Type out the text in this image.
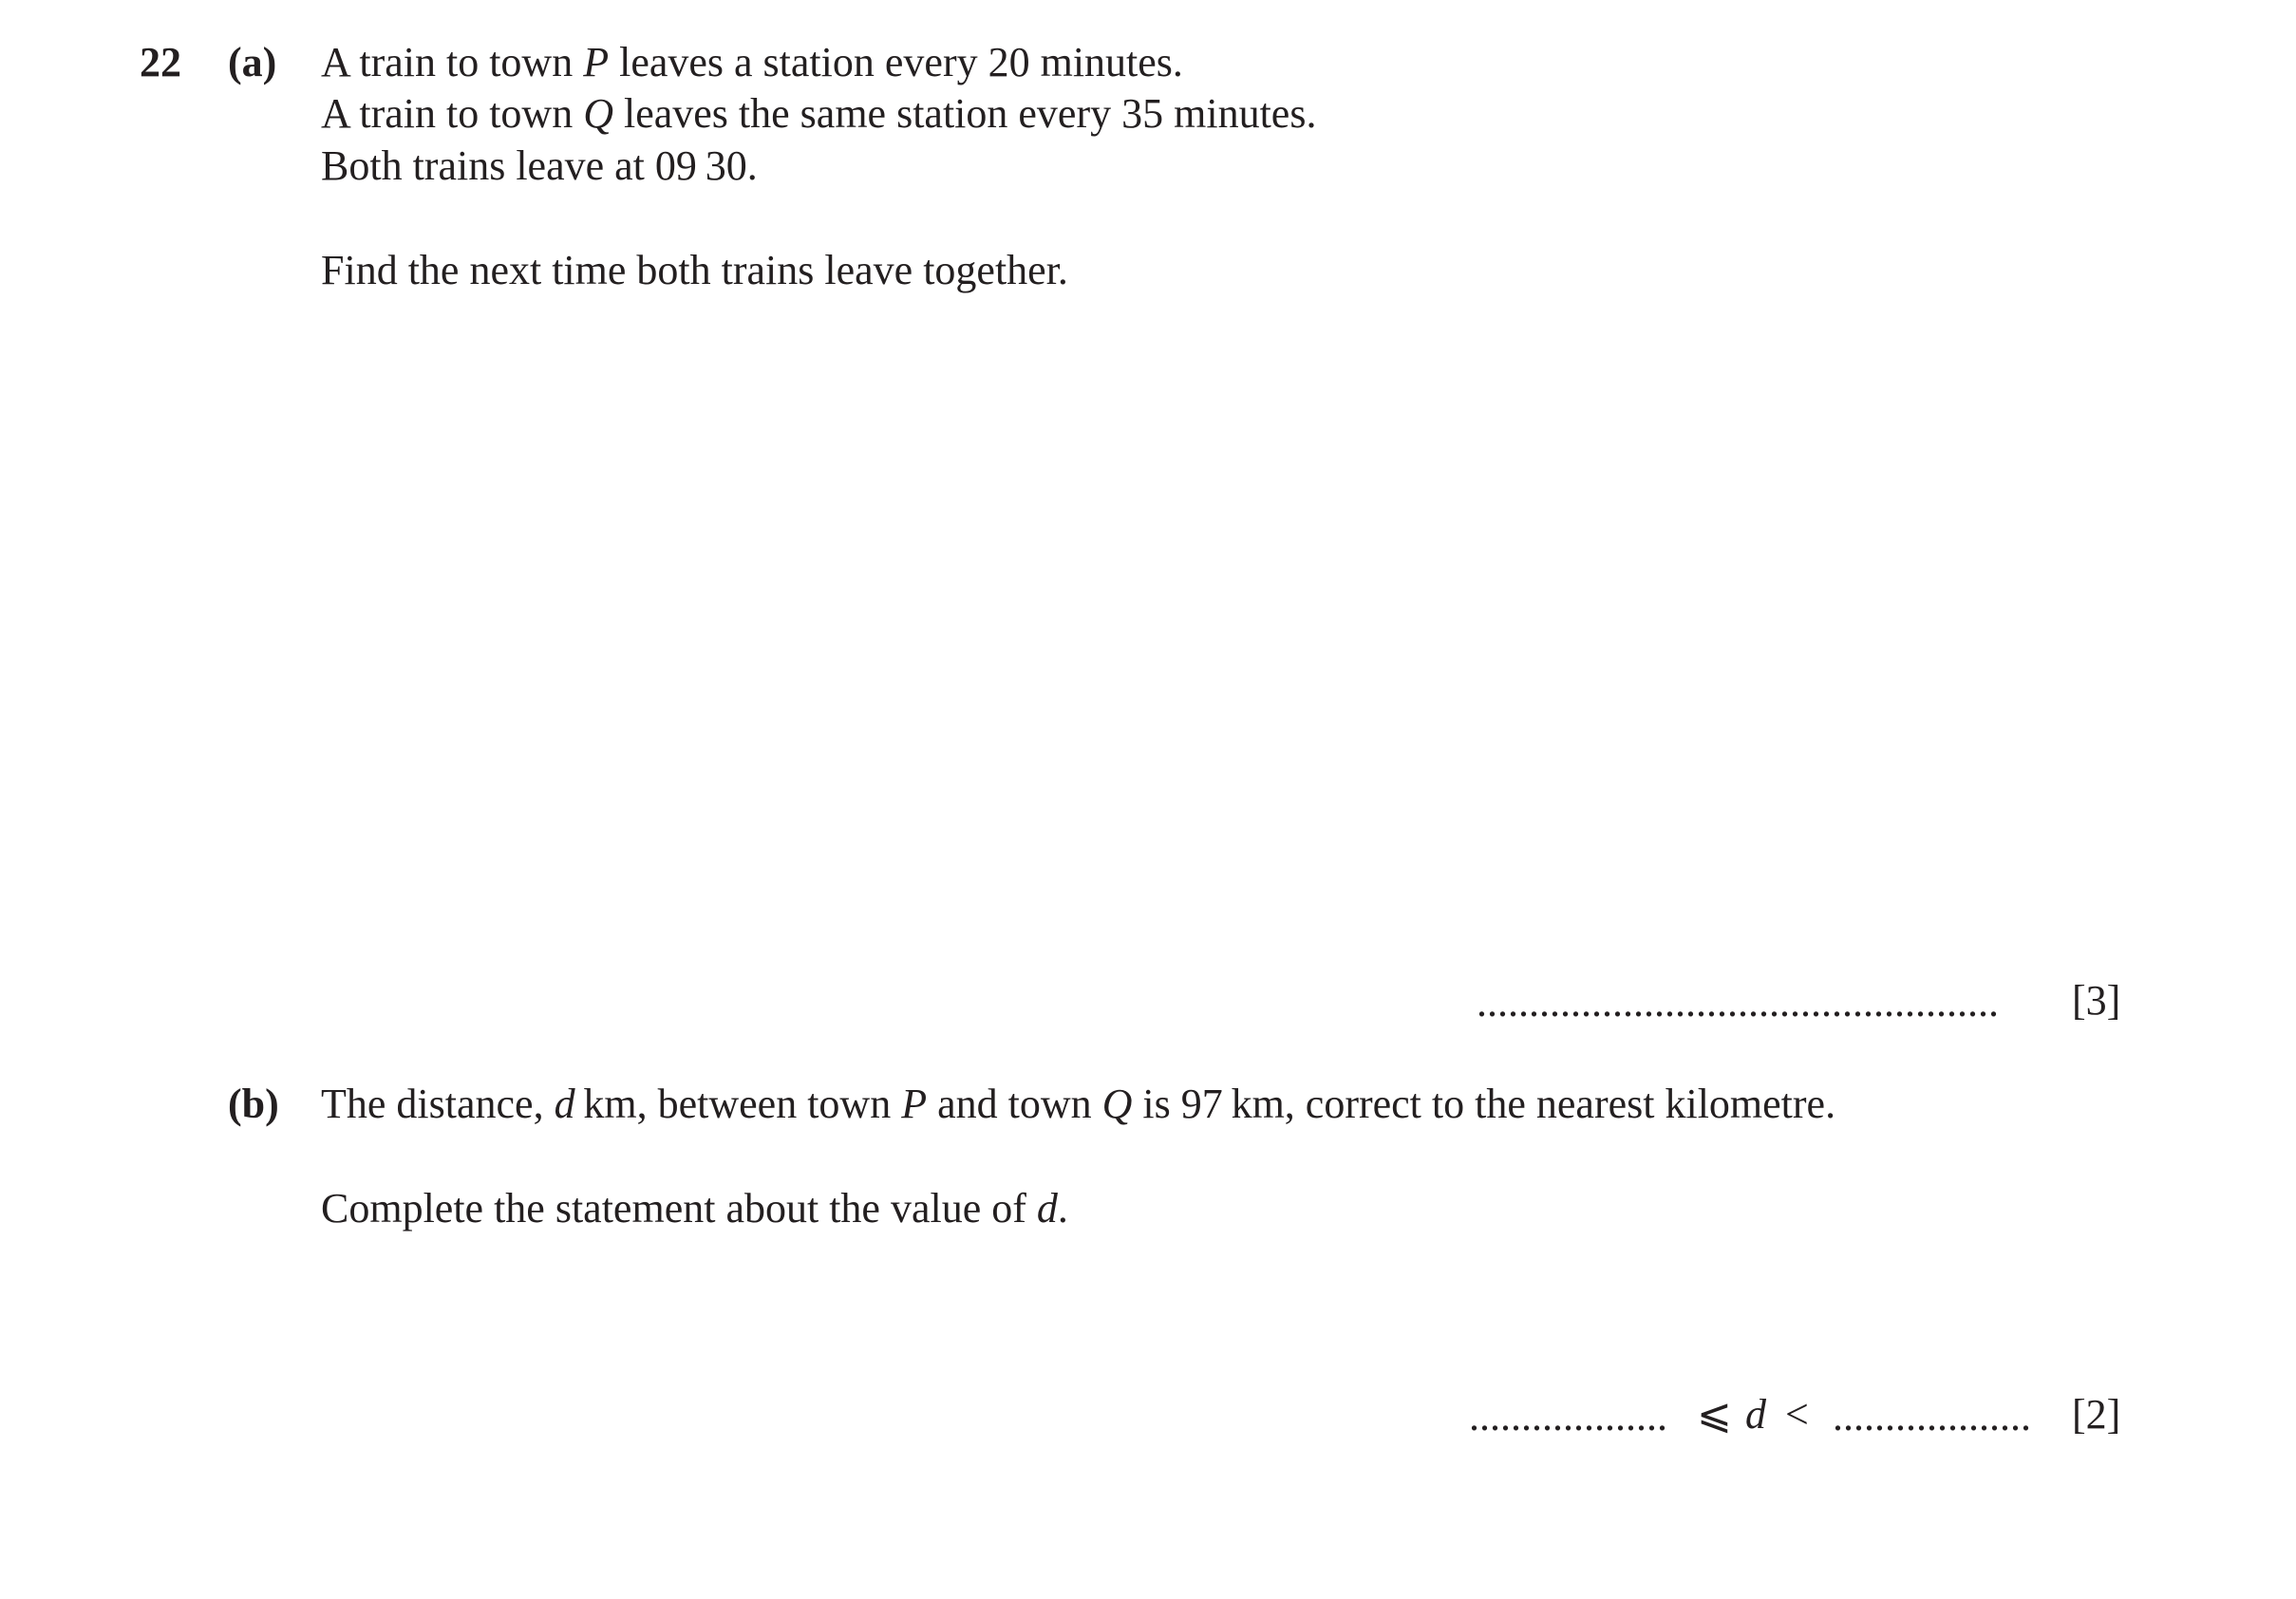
22 (a) A train to town P leaves a station every 20 minutes.
A train to town Q leaves the same station every 35 minutes.
Both trains leave at 09 30.
Find the next time both trains leave together.
..................................................	[3]
(b) The distance, d km, between town P and town Q is 97 km, correct to the nearest kilometre.
Complete the statement about the value of d.
................... ⩽ d < ................... [2]
